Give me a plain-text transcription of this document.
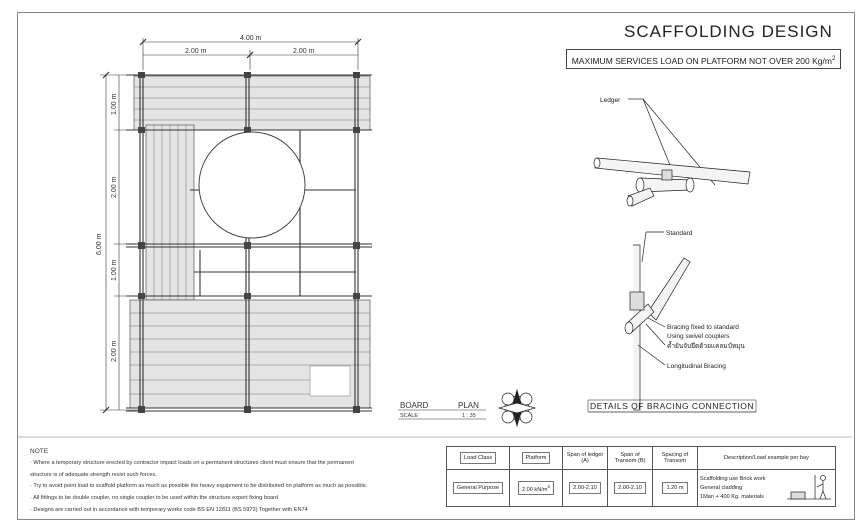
SCAFFOLDING DESIGN
MAXIMUM SERVICES LOAD ON PLATFORM NOT OVER 200 $Kg/m^2$
4.00 m
2.00 m	2.00 m
6.00 m
1.00 m
2.00 m
1.00 m
2.00 m
BOARD	PLAN
SCALE	1 : 35
Ledger
Standard
Bracing fixed to standard
Using swivel couplers
ค้ำยันจับยึดด้วยแคลมป์หมุน
Longitudinal Bracing
DETAILS OF BRACING CONNECTION
NOTE
· Where a temporary structure erected by contractor impact loads on a permanent structures client must ensure that the permanent
structure is of adequate strength resist such forces.
· Try to avoid point load to scaffold platform as much as possible the heavy equipment to be distributed on platform as much as possible.
· All fittings to be double coupler, no single coupler to be used within the structure expert fixing board
· Designs are carried out in accordance with temporary works code BS EN 12811 (BS 5973) Together with EN74
Load Class	Platform	Span of ledger (A)	Span of Transom (B)	Spacing of Transom	Description/Load example per bay
General Purpose	2.00 $kN/m^2$	2.00-2.10	2.00-2.10	1.20 m	Scaffolding use Brick work
General cladding
1Man + 400 Kg. materials
